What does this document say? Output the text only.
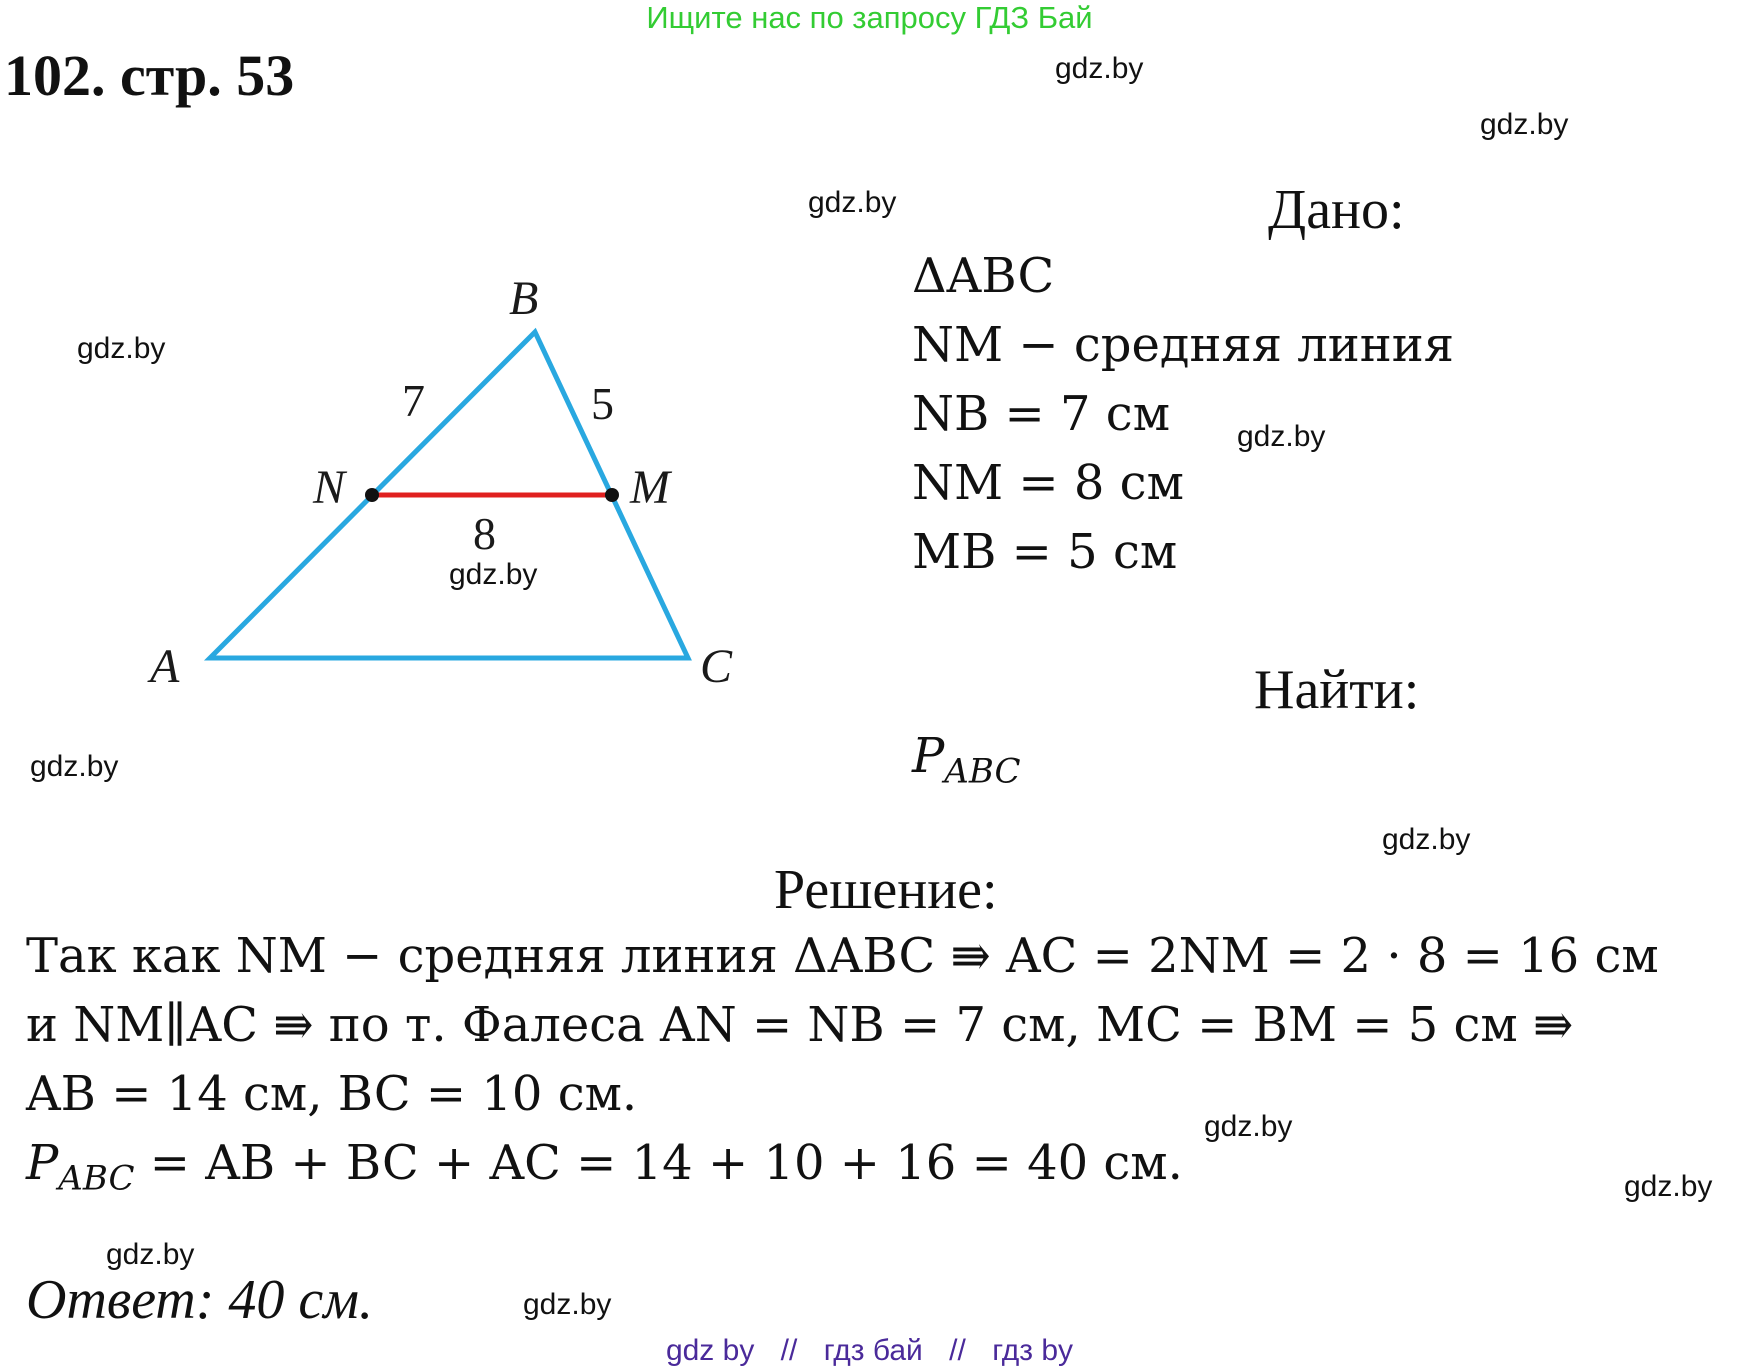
Ищите нас по запросу ГДЗ Бай
102. стр. 53	gdz.by
gdz.by
gdz.by
gdz.by
gdz.by
gdz.by
gdz.by
gdz.by
gdz.by
gdz.by
gdz.by
gdz.by
A
B
C
N	M
7	5
8
Дано:
ΔABC
NM − средняя линия
NB = 7 см
NM = 8 см
MB = 5 см
Найти:
$P_{ABC}$
Решение:
Так как NM − средняя линия ΔABC ⇛ AC = 2NM = 2 · 8 = 16 см
и NM∥AC ⇛ по т. Фалеса AN = NB = 7 см, MC = BM = 5 см ⇛
AB = 14 см, BC = 10 см.
$P_{ABC}$ = AB + BC + AC = 14 + 10 + 16 = 40 см.
Ответ: 40 см.
gdz by // гдз бай // гдз by
